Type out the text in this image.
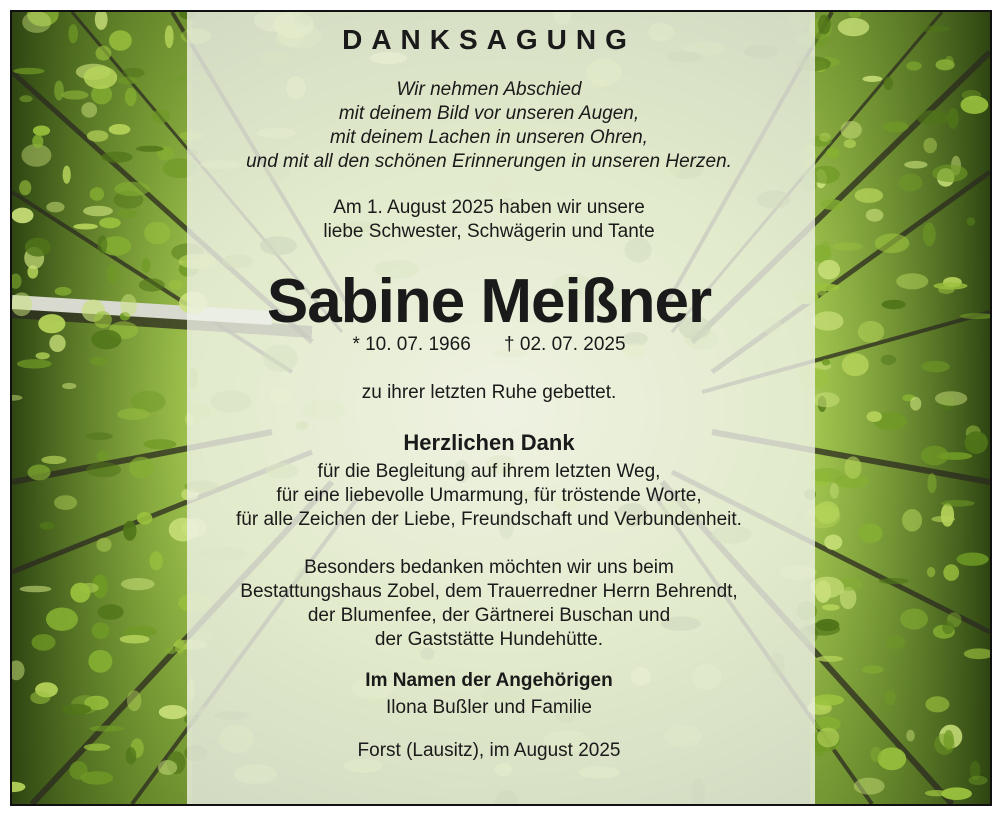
DANKSAGUNG
Wir nehmen Abschied
mit deinem Bild vor unseren Augen,
mit deinem Lachen in unseren Ohren,
und mit all den schönen Erinnerungen in unseren Herzen.
Am 1. August 2025 haben wir unsere
liebe Schwester, Schwägerin und Tante
Sabine Meißner
* 10. 07. 1966 † 02. 07. 2025
zu ihrer letzten Ruhe gebettet.
Herzlichen Dank
für die Begleitung auf ihrem letzten Weg,
für eine liebevolle Umarmung, für tröstende Worte,
für alle Zeichen der Liebe, Freundschaft und Verbundenheit.
Besonders bedanken möchten wir uns beim
Bestattungshaus Zobel, dem Trauerredner Herrn Behrendt,
der Blumenfee, der Gärtnerei Buschan und
der Gaststätte Hundehütte.
Im Namen der Angehörigen
Ilona Bußler und Familie
Forst (Lausitz), im August 2025
